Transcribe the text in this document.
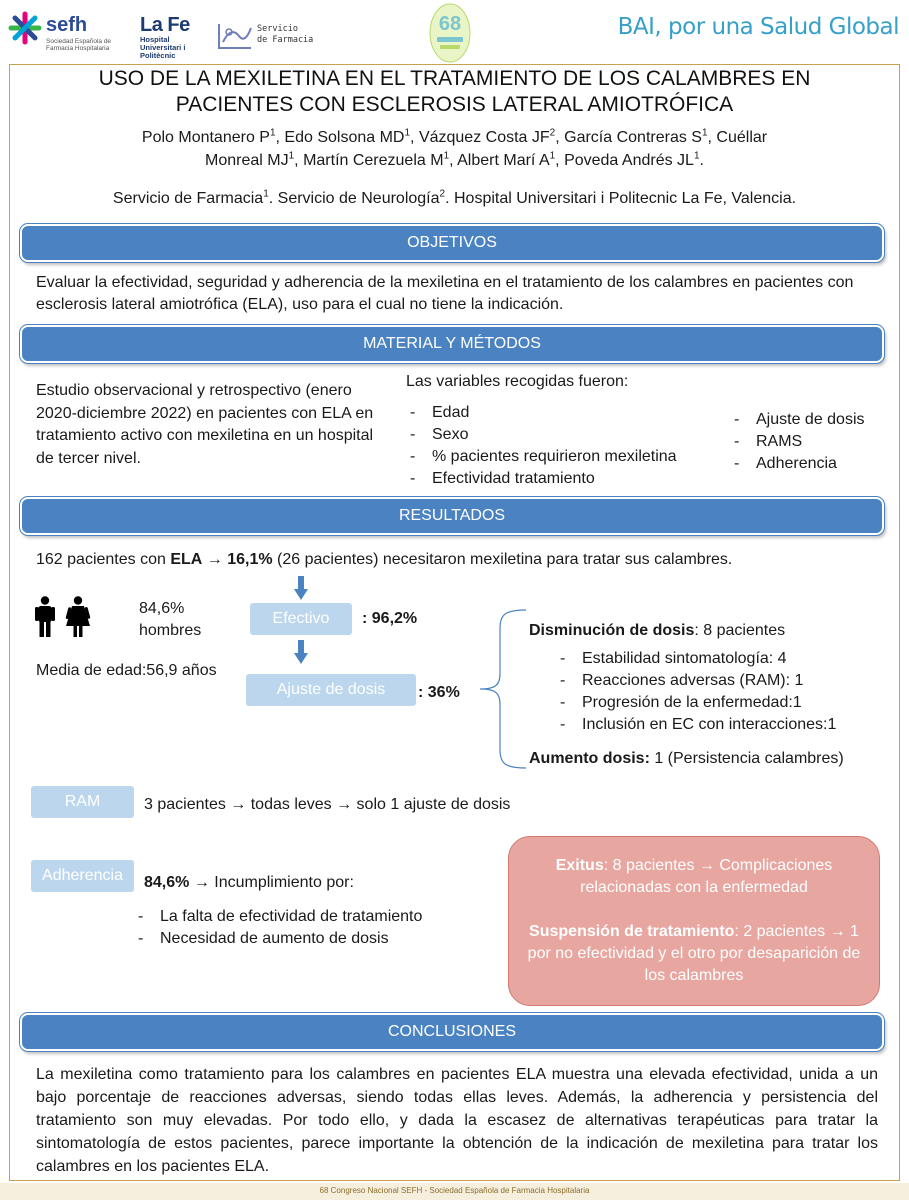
sefh
Sociedad Española de Farmacia Hospitalaria
La Fe
Hospital Universitari i Politècnic
Servicio
de Farmacia
68	BAI, por una Salud Global
USO DE LA MEXILETINA EN EL TRATAMIENTO DE LOS CALAMBRES EN PACIENTES CON ESCLEROSIS LATERAL AMIOTRÓFICA
Polo Montanero $P^1$, Edo Solsona $MD^1$, Vázquez Costa $JF^2$, García Contreras $S^1$, Cuéllar
Monreal $MJ^1$, Martín Cerezuela $M^1$, Albert Marí $A^1$, Poveda Andrés $JL^1$.
Servicio de Farmacia$^1$. Servicio de Neurología$^2$. Hospital Universitari i Politecnic La Fe, Valencia.
OBJETIVOS
Evaluar la efectividad, seguridad y adherencia de la mexiletina en el tratamiento de los calambres en pacientes con esclerosis lateral amiotrófica (ELA), uso para el cual no tiene la indicación.
MATERIAL Y MÉTODOS
Estudio observacional y retrospectivo (enero 2020-diciembre 2022) en pacientes con ELA en tratamiento activo con mexiletina en un hospital de tercer nivel.
Las variables recogidas fueron:
- Edad
- Sexo
- % pacientes requirieron mexiletina
- Efectividad tratamiento
- Ajuste de dosis
- RAMS
- Adherencia
RESULTADOS
162 pacientes con ELA → 16,1% (26 pacientes) necesitaron mexiletina para tratar sus calambres.
84,6%
hombres
Media de edad:56,9 años
Efectivo	: 96,2%
Ajuste de dosis	: 36%
Disminución de dosis: 8 pacientes
- Estabilidad sintomatología: 4
- Reacciones adversas (RAM): 1
- Progresión de la enfermedad:1
- Inclusión en EC con interacciones:1
Aumento dosis: 1 (Persistencia calambres)
RAM	3 pacientes → todas leves → solo 1 ajuste de dosis
Adherencia	84,6% → Incumplimiento por:
- La falta de efectividad de tratamiento
- Necesidad de aumento de dosis
Exitus: 8 pacientes → Complicaciones relacionadas con la enfermedad
Suspensión de tratamiento: 2 pacientes → 1 por no efectividad y el otro por desaparición de los calambres
CONCLUSIONES
La mexiletina como tratamiento para los calambres en pacientes ELA muestra una elevada efectividad, unida a un bajo porcentaje de reacciones adversas, siendo todas ellas leves. Además, la adherencia y persistencia del tratamiento son muy elevadas. Por todo ello, y dada la escasez de alternativas terapéuticas para tratar la sintomatología de estos pacientes, parece importante la obtención de la indicación de mexiletina para tratar los calambres en los pacientes ELA.
68 Congreso Nacional SEFH - Sociedad Española de Farmacia Hospitalaria
